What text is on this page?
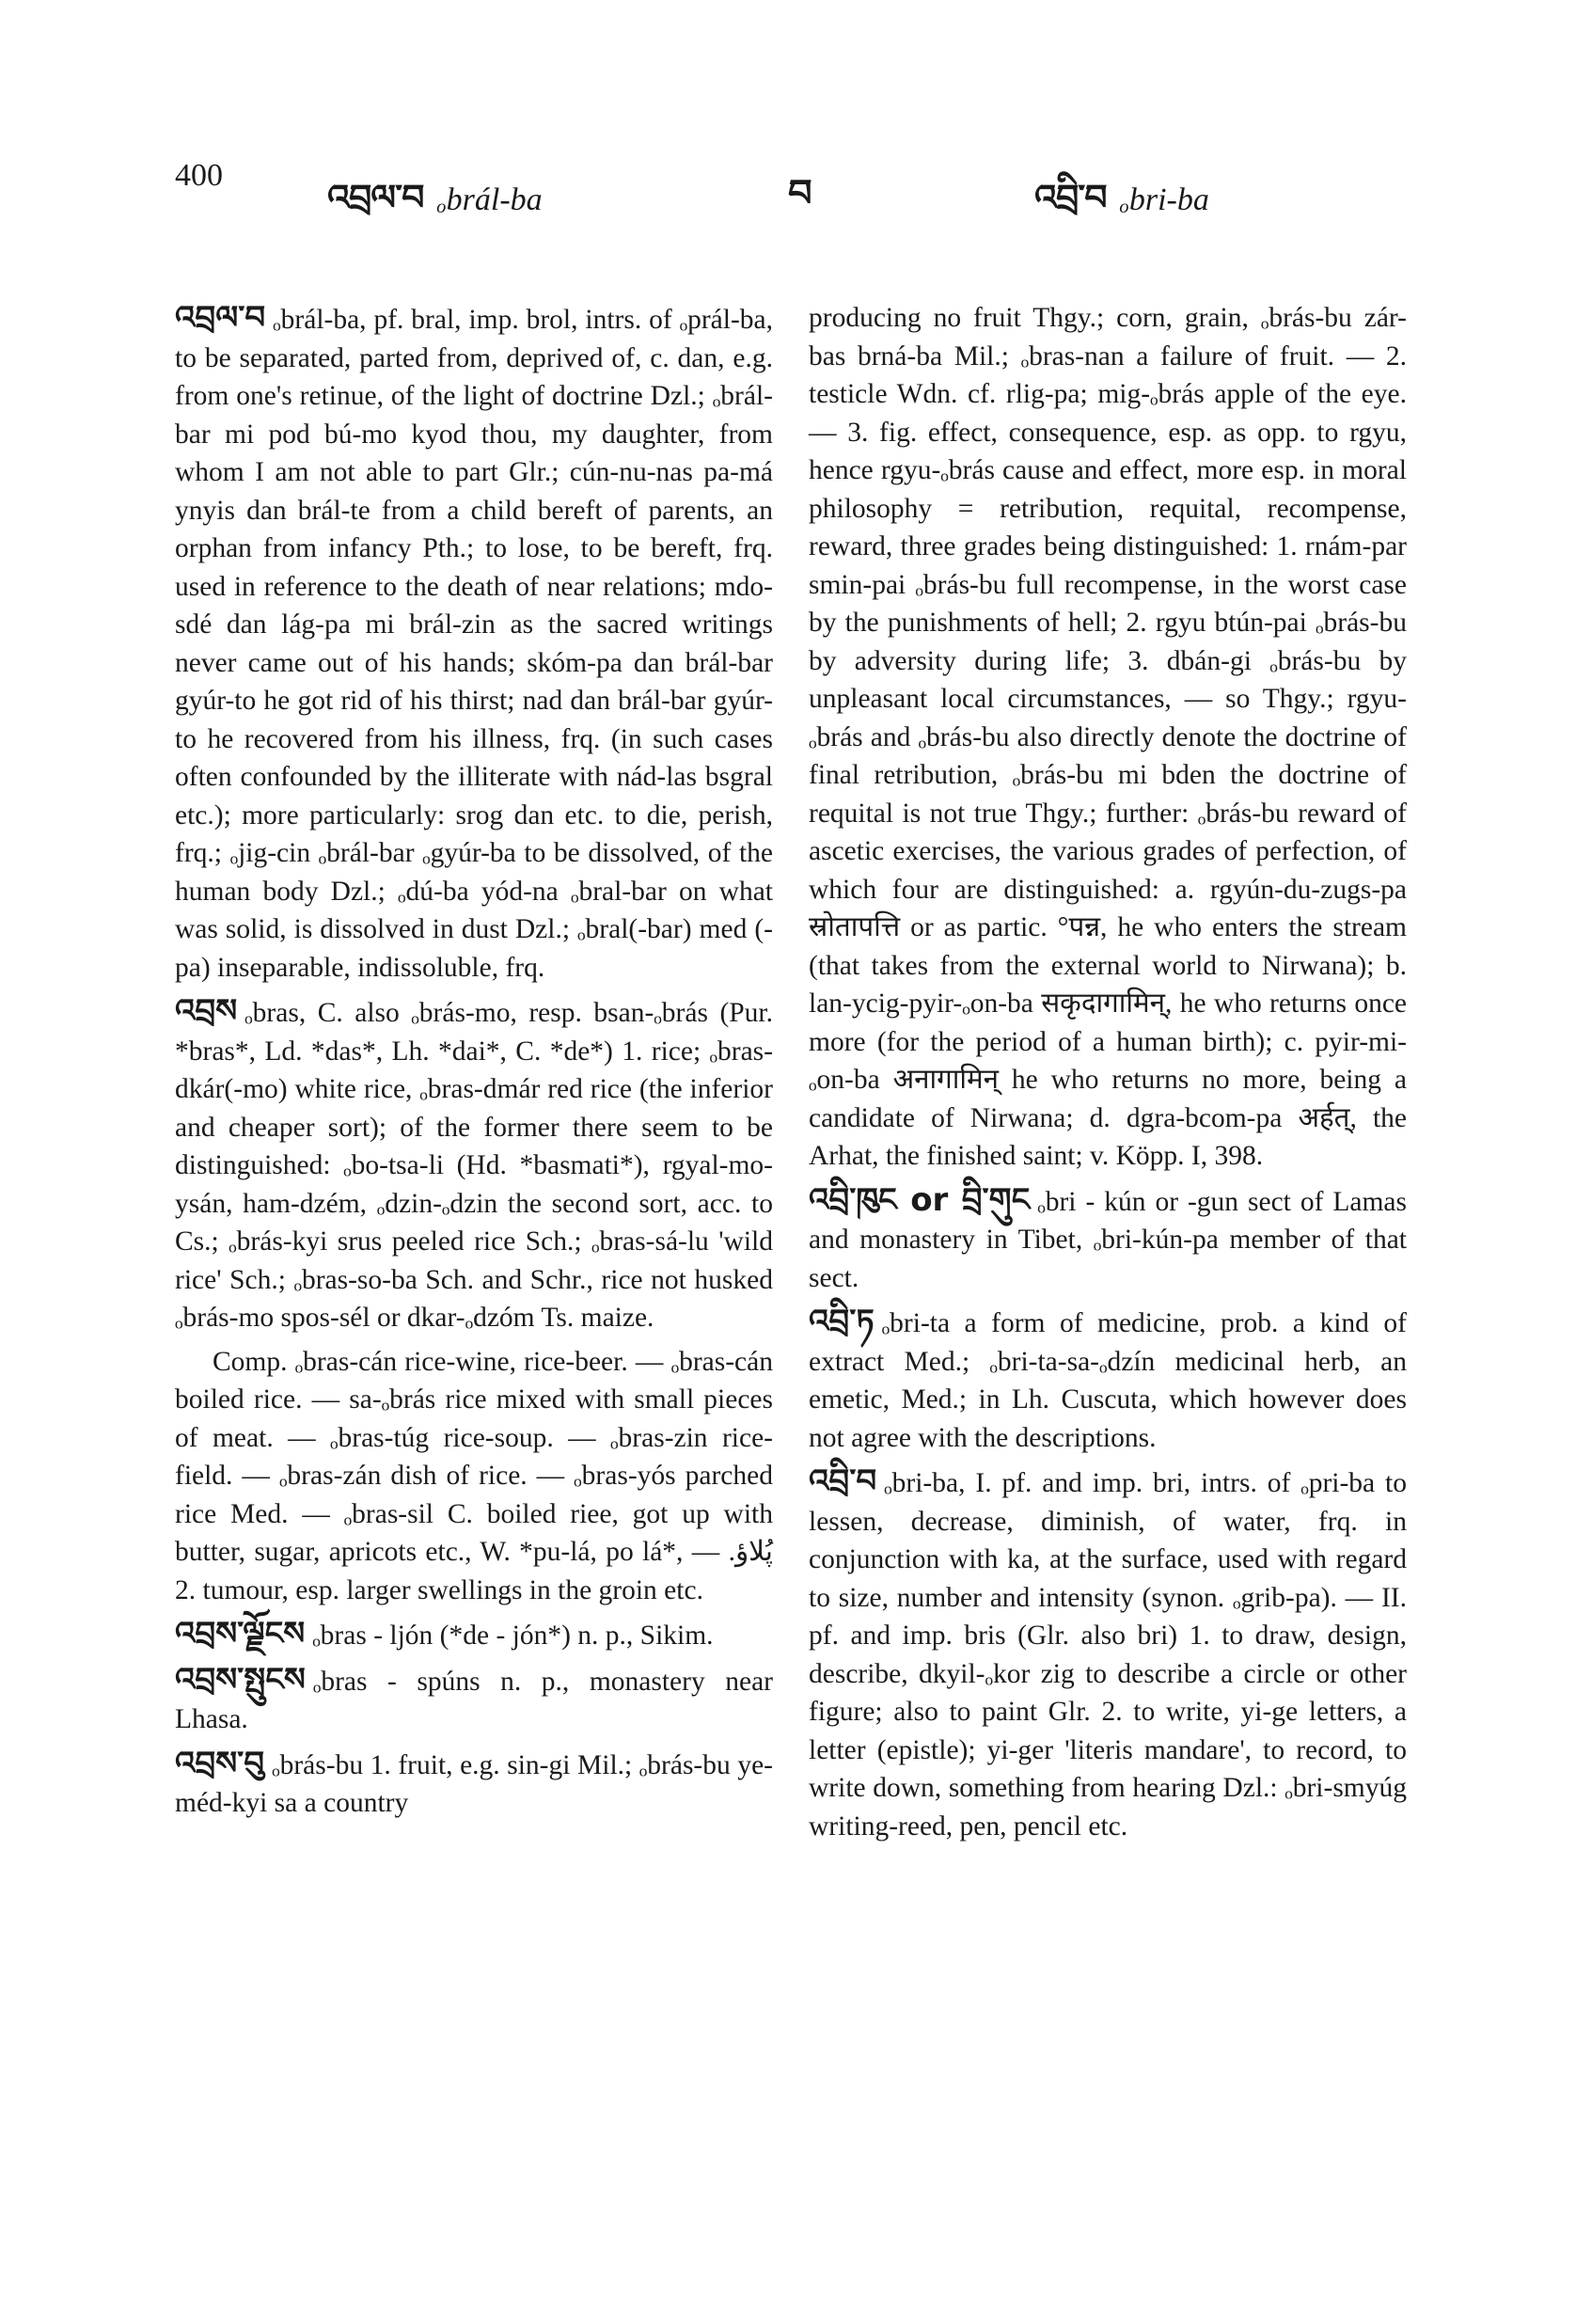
400
འབྲལ་བ ₒbrál-ba	བ	འབྲི་བ ₒbri-ba

འབྲལ་བ ₒbrál-ba, pf. bral, imp. brol, intrs. of ₒprál-ba, to be separated, parted from, deprived of, c. dan, e.g. from one's retinue, of the light of doctrine Dzl.; ₒbrál-bar mi pod bú-mo kyod thou, my daughter, from whom I am not able to part Glr.; cún-nu-nas pa-má ynyis dan brál-te from a child bereft of parents, an orphan from infancy Pth.; to lose, to be bereft, frq. used in reference to the death of near relations; mdo-sdé dan lág-pa mi brál-zin as the sacred writings never came out of his hands; skóm-pa dan brál-bar gyúr-to he got rid of his thirst; nad dan brál-bar gyúr-to he recovered from his illness, frq. (in such cases often confounded by the illiterate with nád-las bsgral etc.); more particularly: srog dan etc. to die, perish, frq.; ₒjig-cin ₒbrál-bar ₒgyúr-ba to be dissolved, of the human body Dzl.; ₒdú-ba yód-na ₒbral-bar on what was solid, is dissolved in dust Dzl.; ₒbral(-bar) med (-pa) inseparable, indissoluble, frq.

འབྲས ₒbras, C. also ₒbrás-mo, resp. bsan-ₒbrás (Pur. *bras*, Ld. *das*, Lh. *dai*, C. *de*) 1. rice; ₒbras-dkár(-mo) white rice, ₒbras-dmár red rice (the inferior and cheaper sort); of the former there seem to be distinguished: ₒbo-tsa-li (Hd. *basmati*), rgyal-mo-ysán, ham-dzém, ₒdzin-ₒdzin the second sort, acc. to Cs.; ₒbrás-kyi srus peeled rice Sch.; ₒbras-sá-lu 'wild rice' Sch.; ₒbras-so-ba Sch. and Schr., rice not husked ₒbrás-mo spos-sél or dkar-ₒdzóm Ts. maize.

Comp. ₒbras-cán rice-wine, rice-beer. — ₒbras-cán boiled rice. — sa-ₒbrás rice mixed with small pieces of meat. — ₒbras-túg rice-soup. — ₒbras-zin rice-field. — ₒbras-zán dish of rice. — ₒbras-yós parched rice Med. — ₒbras-sil C. boiled riee, got up with butter, sugar, apricots etc., W. *pu-lá, po lá*, پُلاؤ. — 2. tumour, esp. larger swellings in the groin etc.

འབྲས་ལྗོངས ₒbras - ljón (*de - jón*) n. p., Sikim.

འབྲས་སྤུངས ₒbras - spúns n. p., monastery near Lhasa.

འབྲས་བུ ₒbrás-bu 1. fruit, e.g. sin-gi Mil.; ₒbrás-bu ye-méd-kyi sa a country

producing no fruit Thgy.; corn, grain, ₒbrás-bu zár-bas brná-ba Mil.; ₒbras-nan a failure of fruit. — 2. testicle Wdn. cf. rlig-pa; mig-ₒbrás apple of the eye. — 3. fig. effect, consequence, esp. as opp. to rgyu, hence rgyu-ₒbrás cause and effect, more esp. in moral philosophy = retribution, requital, recompense, reward, three grades being distinguished: 1. rnám-par smin-pai ₒbrás-bu full recompense, in the worst case by the punishments of hell; 2. rgyu btún-pai ₒbrás-bu by adversity during life; 3. dbán-gi ₒbrás-bu by unpleasant local circumstances, — so Thgy.; rgyu-ₒbrás and ₒbrás-bu also directly denote the doctrine of final retribution, ₒbrás-bu mi bden the doctrine of requital is not true Thgy.; further: ₒbrás-bu reward of ascetic exercises, the various grades of perfection, of which four are distinguished: a. rgyún-du-zugs-pa स्रोतापत्ति or as partic. °पन्न, he who enters the stream (that takes from the external world to Nirwana); b. lan-ycig-pyir-ₒon-ba सकृदागामिन्, he who returns once more (for the period of a human birth); c. pyir-mi-ₒon-ba अनागामिन् he who returns no more, being a candidate of Nirwana; d. dgra-bcom-pa अर्हत्, the Arhat, the finished saint; v. Köpp. I, 398.

འབྲི་ཁུང or བྲི་གུང ₒbri - kún or -gun sect of Lamas and monastery in Tibet, ₒbri-kún-pa member of that sect.

འབྲི་ཏ ₒbri-ta a form of medicine, prob. a kind of extract Med.; ₒbri-ta-sa-ₒdzín medicinal herb, an emetic, Med.; in Lh. Cuscuta, which however does not agree with the descriptions.

འབྲི་བ ₒbri-ba, I. pf. and imp. bri, intrs. of ₒpri-ba to lessen, decrease, diminish, of water, frq. in conjunction with ka, at the surface, used with regard to size, number and intensity (synon. ₒgrib-pa). — II. pf. and imp. bris (Glr. also bri) 1. to draw, design, describe, dkyil-ₒkor zig to describe a circle or other figure; also to paint Glr. 2. to write, yi-ge letters, a letter (epistle); yi-ger 'literis mandare', to record, to write down, something from hearing Dzl.: ₒbri-smyúg writing-reed, pen, pencil etc.
